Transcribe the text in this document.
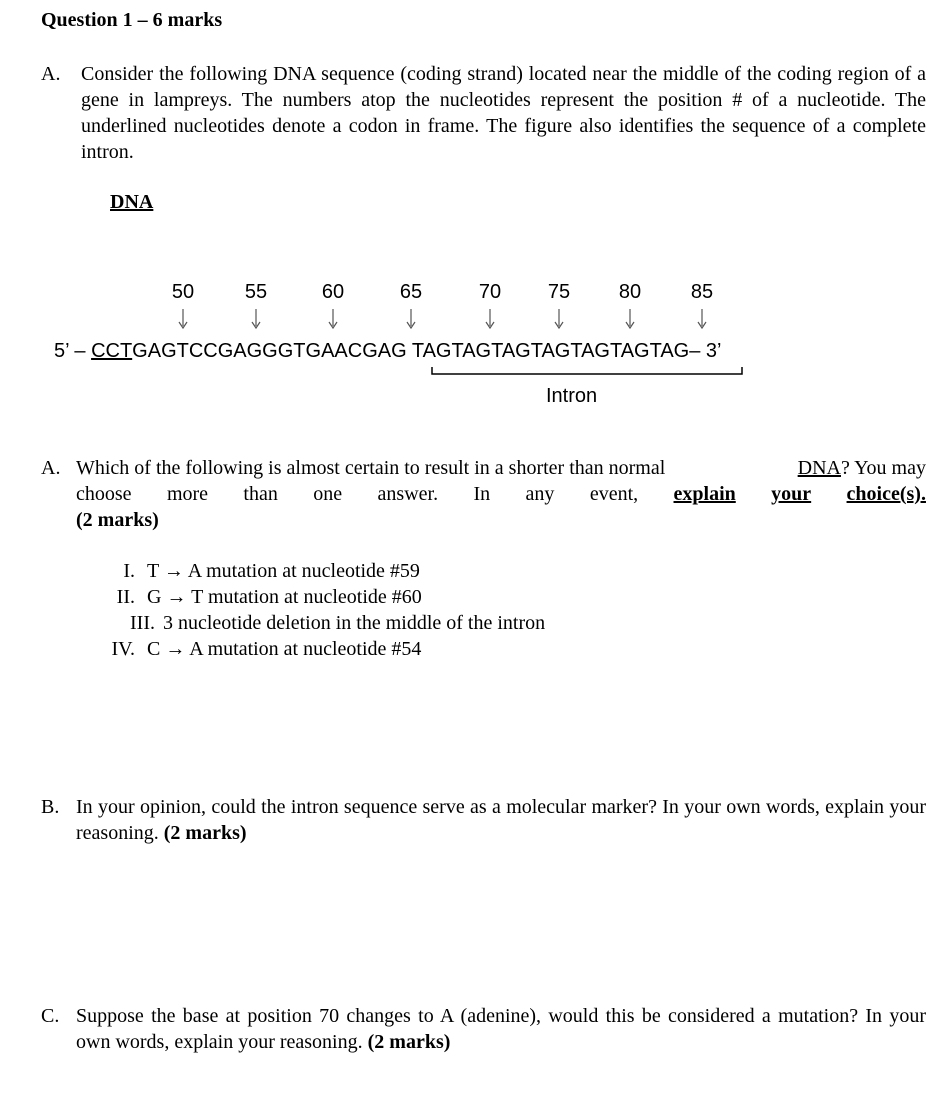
Question 1 – 6 marks
A. Consider the following DNA sequence (coding strand) located near the middle of the coding region of a gene in lampreys. The numbers atop the nucleotides represent the position # of a nucleotide. The underlined nucleotides denote a codon in frame. The figure also identifies the sequence of a complete intron.
DNA
50	55	60	65	70	75	80	85
5’ – CCTGAGTCCGAGGGTGAACGAG TAGTAGTAGTAGTAGTAGTAG– 3’
Intron
A. Which of the following is almost certain to result in a shorter than normal	DNA? You may
choose more than one answer. In any event, explain your choice(s).
(2 marks)
I. T → A mutation at nucleotide #59
II. G → T mutation at nucleotide #60
III. 3 nucleotide deletion in the middle of the intron
IV. C → A mutation at nucleotide #54
B. In your opinion, could the intron sequence serve as a molecular marker? In your own words, explain your reasoning. (2 marks)
C. Suppose the base at position 70 changes to A (adenine), would this be considered a mutation? In your own words, explain your reasoning. (2 marks)
